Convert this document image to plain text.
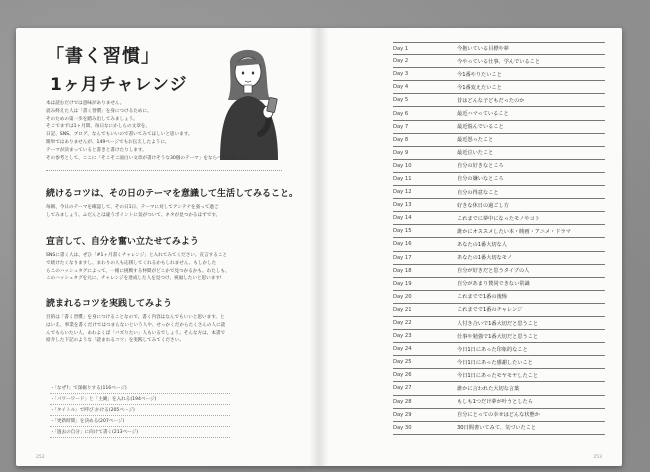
「書く習慣」
1ヶ月チャレンジ

本は読むだけでは意味がありません。

読み終えた人は「書く習慣」を身につけるために、

そのための第一歩を踏み出してみましょう。

そこでまずは1ヶ月間、毎日なにかしらの文章を、

日記、SNS、ブログ、なんでもいいので書いてみてほしいと思います。

簡単ではありませんが、149ページでもお伝えしたように、

テーマが決まっていると書きと書けたりします。

その参考として、ここに「そこそこ面白い文章が書けそうな30個のテーマ」をならべてみました。

続けるコツは、その日のテーマを意識して生活してみること。

毎朝、今日のテーマを確認して、その日1日、テーマに対してアンテナを張って過ご

してみましょう。ふだんとは違うポイントに気がついて、ネタが見つかるはずです。

宣言して、自分を奮い立たせてみよう

SNSに書く人は、ぜひ「#1ヶ月書くチャレンジ」と入れてみてください。宣言すること

で続けたくなりますし、まわりの人も応援してくれるかもしれません。もしかした

らこのハッシュタグによって、一緒に挑戦する仲間がどこかで見つかるかも。わたしも、

このハッシュタグを元に、チャレンジを達成した人を見つけ、祝福したいと思います!

読まれるコツを実践してみよう

目的は「書く習慣」を身につけることなので、書く内容はなんでもいいと思います。と

はいえ、事業を書くだけではつまらないという人や、せっかくだからたくさんの人に読

んでもらいたい人、あわよくば「バズりたい」人もいるでしょう。そんな方は、本書で

紹介した下記のような「読まれるコツ」を実践してみてください。

・「なぜ?」で深掘りする(116ページ)
・「パワーワード」と「主観」を入れる(194ページ)
・「タイトル」で呼び かける(205ページ)
・「更新時間」を決める(207ページ)
・「過去の自分」に向けて書く(213ページ)
252
Day 1	今抱いている目標や夢
Day 2	今やっている仕事、学んでいること
Day 3	今1番やりたいこと
Day 4	今1番変えたいこと
Day 5	昔はどんな子どもだったのか
Day 6	最近ハマっていること
Day 7	最近悩んでいること
Day 8	最近怒ったこと
Day 9	最近泣いたこと
Day 10	自分の好きなところ
Day 11	自分の嫌いなところ
Day 12	自分の得意なこと
Day 13	好きな休日の過ごし方
Day 14	これまでに夢中になったモノやコト
Day 15	誰かにオススメしたい本・映画・アニメ・ドラマ
Day 16	あなたの1番大切な人
Day 17	あなたの1番大切なモノ
Day 18	自分が好きだと思うタイプの人
Day 19	自分があまり賛同できない常識
Day 20	これまでで1番の後悔
Day 21	これまでで1番のチャレンジ
Day 22	人付き合いで1番大切だと思うこと
Day 23	仕事や勉強で1番大切だと思うこと
Day 24	今日1日にあった印象的なこと
Day 25	今日1日にあった感謝したいこと
Day 26	今日1日にあったモヤモヤしたこと
Day 27	誰かに言われた大切な言葉
Day 28	もしも1つだけ夢が叶うとしたら
Day 29	自分にとっての幸せはどんな状態か
Day 30	30日間書いてみて、気づいたこと
253
